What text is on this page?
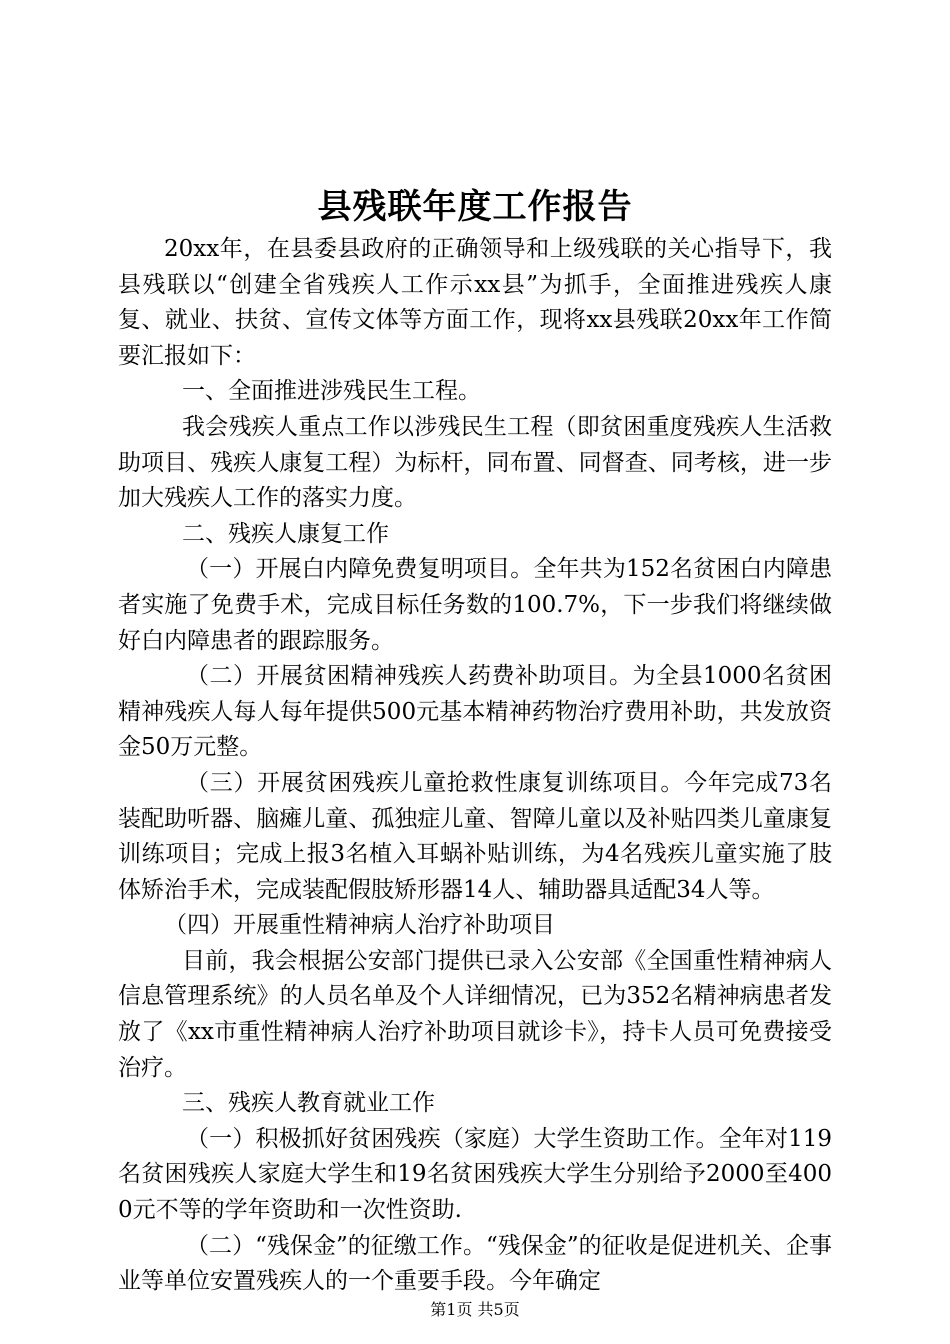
县残联年度工作报告

20xx年，在县委县政府的正确领导和上级残联的关心指导下，我县残联以“创建全省残疾人工作示xx县”为抓手，全面推进残疾人康复、就业、扶贫、宣传文体等方面工作，现将xx县残联20xx年工作简要汇报如下：

一、全面推进涉残民生工程。

我会残疾人重点工作以涉残民生工程（即贫困重度残疾人生活救助项目、残疾人康复工程）为标杆，同布置、同督查、同考核，进一步加大残疾人工作的落实力度。

二、残疾人康复工作

（一）开展白内障免费复明项目。全年共为152名贫困白内障患者实施了免费手术，完成目标任务数的100.7%，下一步我们将继续做好白内障患者的跟踪服务。

（二）开展贫困精神残疾人药费补助项目。为全县1000名贫困精神残疾人每人每年提供500元基本精神药物治疗费用补助，共发放资金50万元整。

（三）开展贫困残疾儿童抢救性康复训练项目。今年完成73名装配助听器、脑瘫儿童、孤独症儿童、智障儿童以及补贴四类儿童康复训练项目；完成上报3名植入耳蜗补贴训练，为4名残疾儿童实施了肢体矫治手术，完成装配假肢矫形器14人、辅助器具适配34人等。

（四）开展重性精神病人治疗补助项目

目前，我会根据公安部门提供已录入公安部《全国重性精神病人信息管理系统》的人员名单及个人详细情况，已为352名精神病患者发放了《xx市重性精神病人治疗补助项目就诊卡》，持卡人员可免费接受治疗。

三、残疾人教育就业工作

（一）积极抓好贫困残疾（家庭）大学生资助工作。全年对119名贫困残疾人家庭大学生和19名贫困残疾大学生分别给予2000至4000元不等的学年资助和一次性资助.

（二）“残保金”的征缴工作。“残保金”的征收是促进机关、企事业等单位安置残疾人的一个重要手段。今年确定

第1页 共5页
